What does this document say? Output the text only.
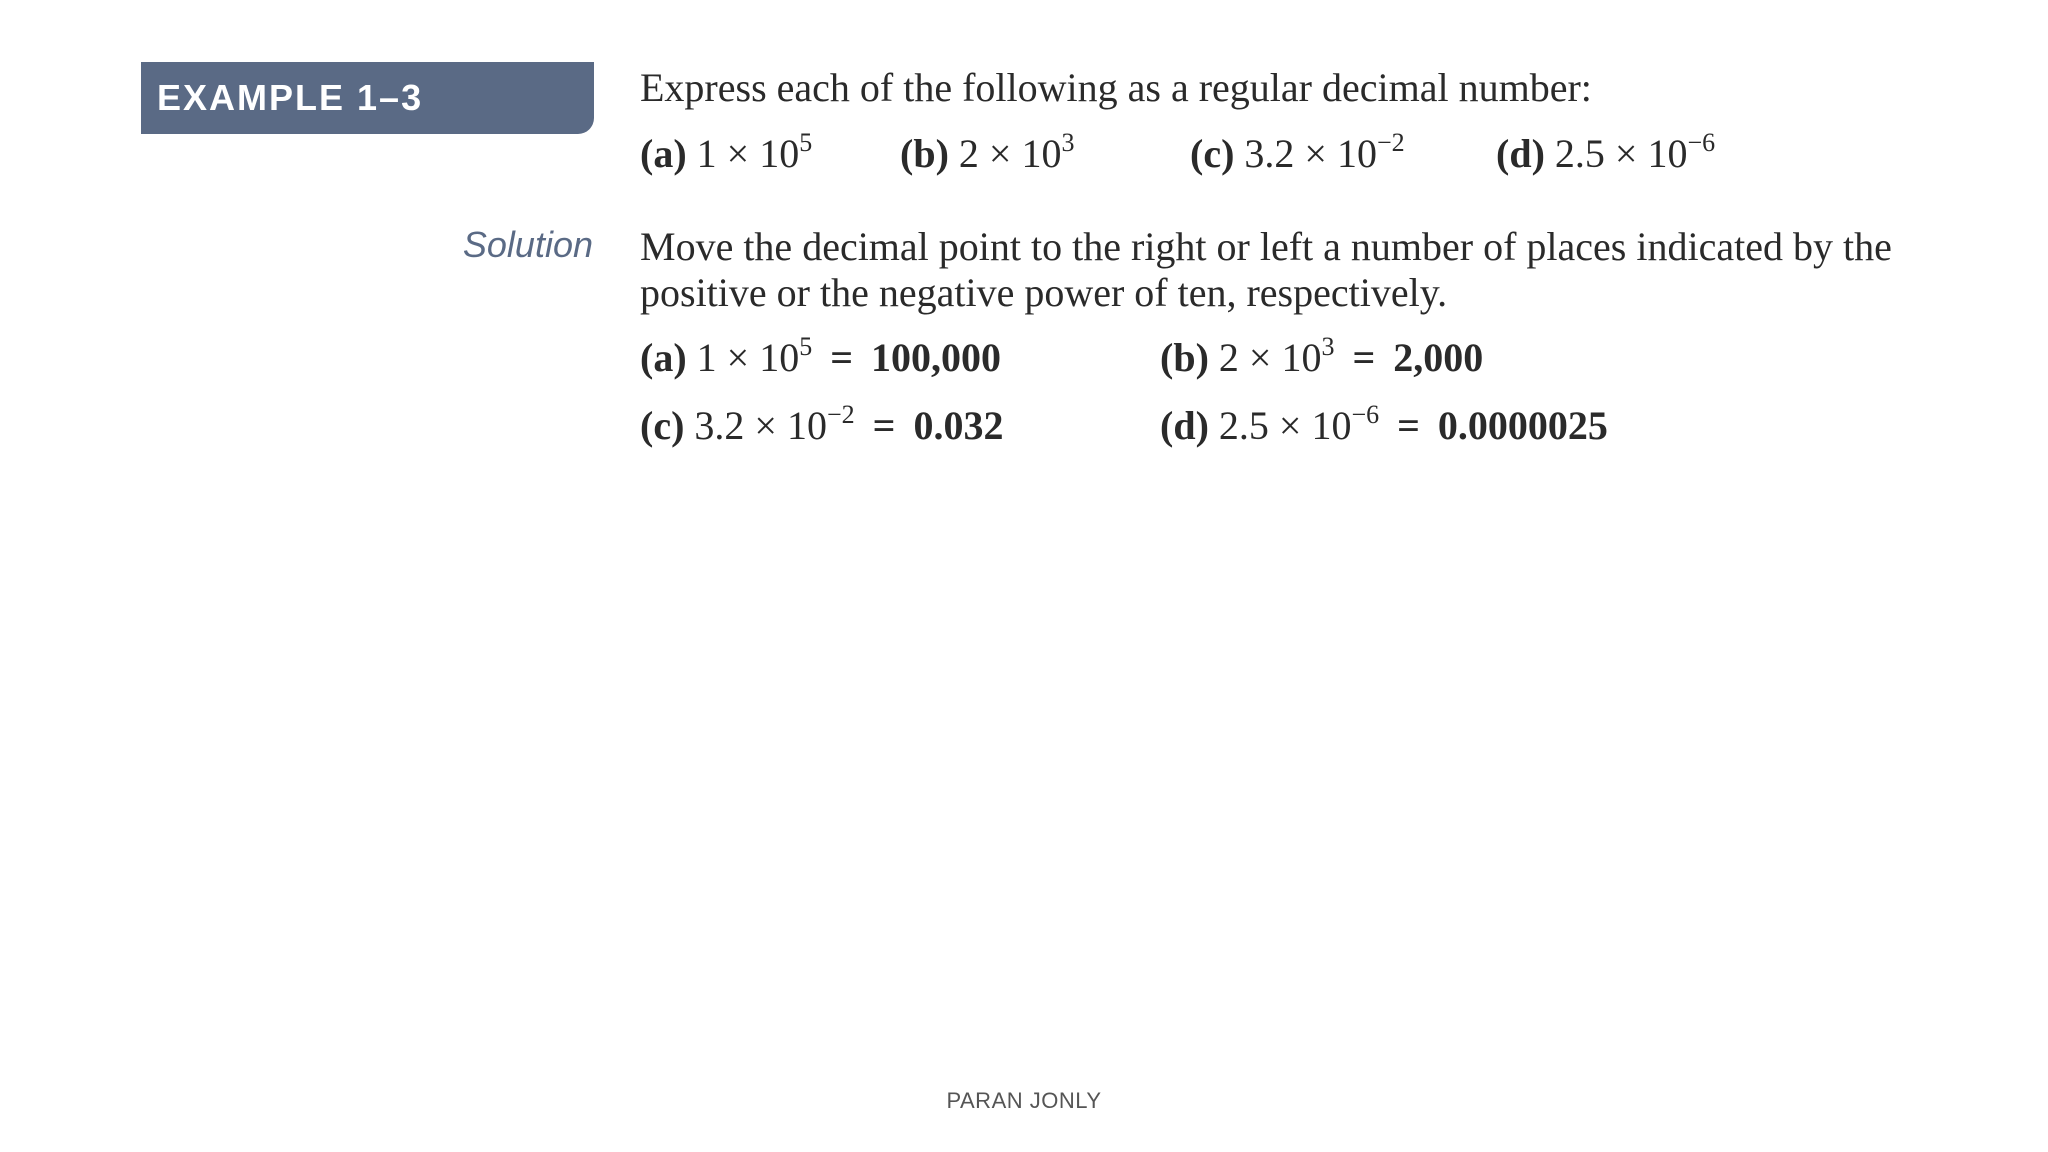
EXAMPLE 1–3	Express each of the following as a regular decimal number:
(a) $1 \times 10^5$ (b) $2 \times 10^3$	(c) $3.2 \times 10^{-2}$ (d) $2.5 \times 10^{-6}$
Solution Move the decimal point to the right or left a number of places indicated by the positive or the negative power of ten, respectively.
(a) $1 \times 10^5 = 100,000$	(b) $2 \times 10^3 = 2,000$
(c) $3.2 \times 10^{-2} = 0.032$	(d) $2.5 \times 10^{-6} = 0.0000025$
PARAN JONLY
